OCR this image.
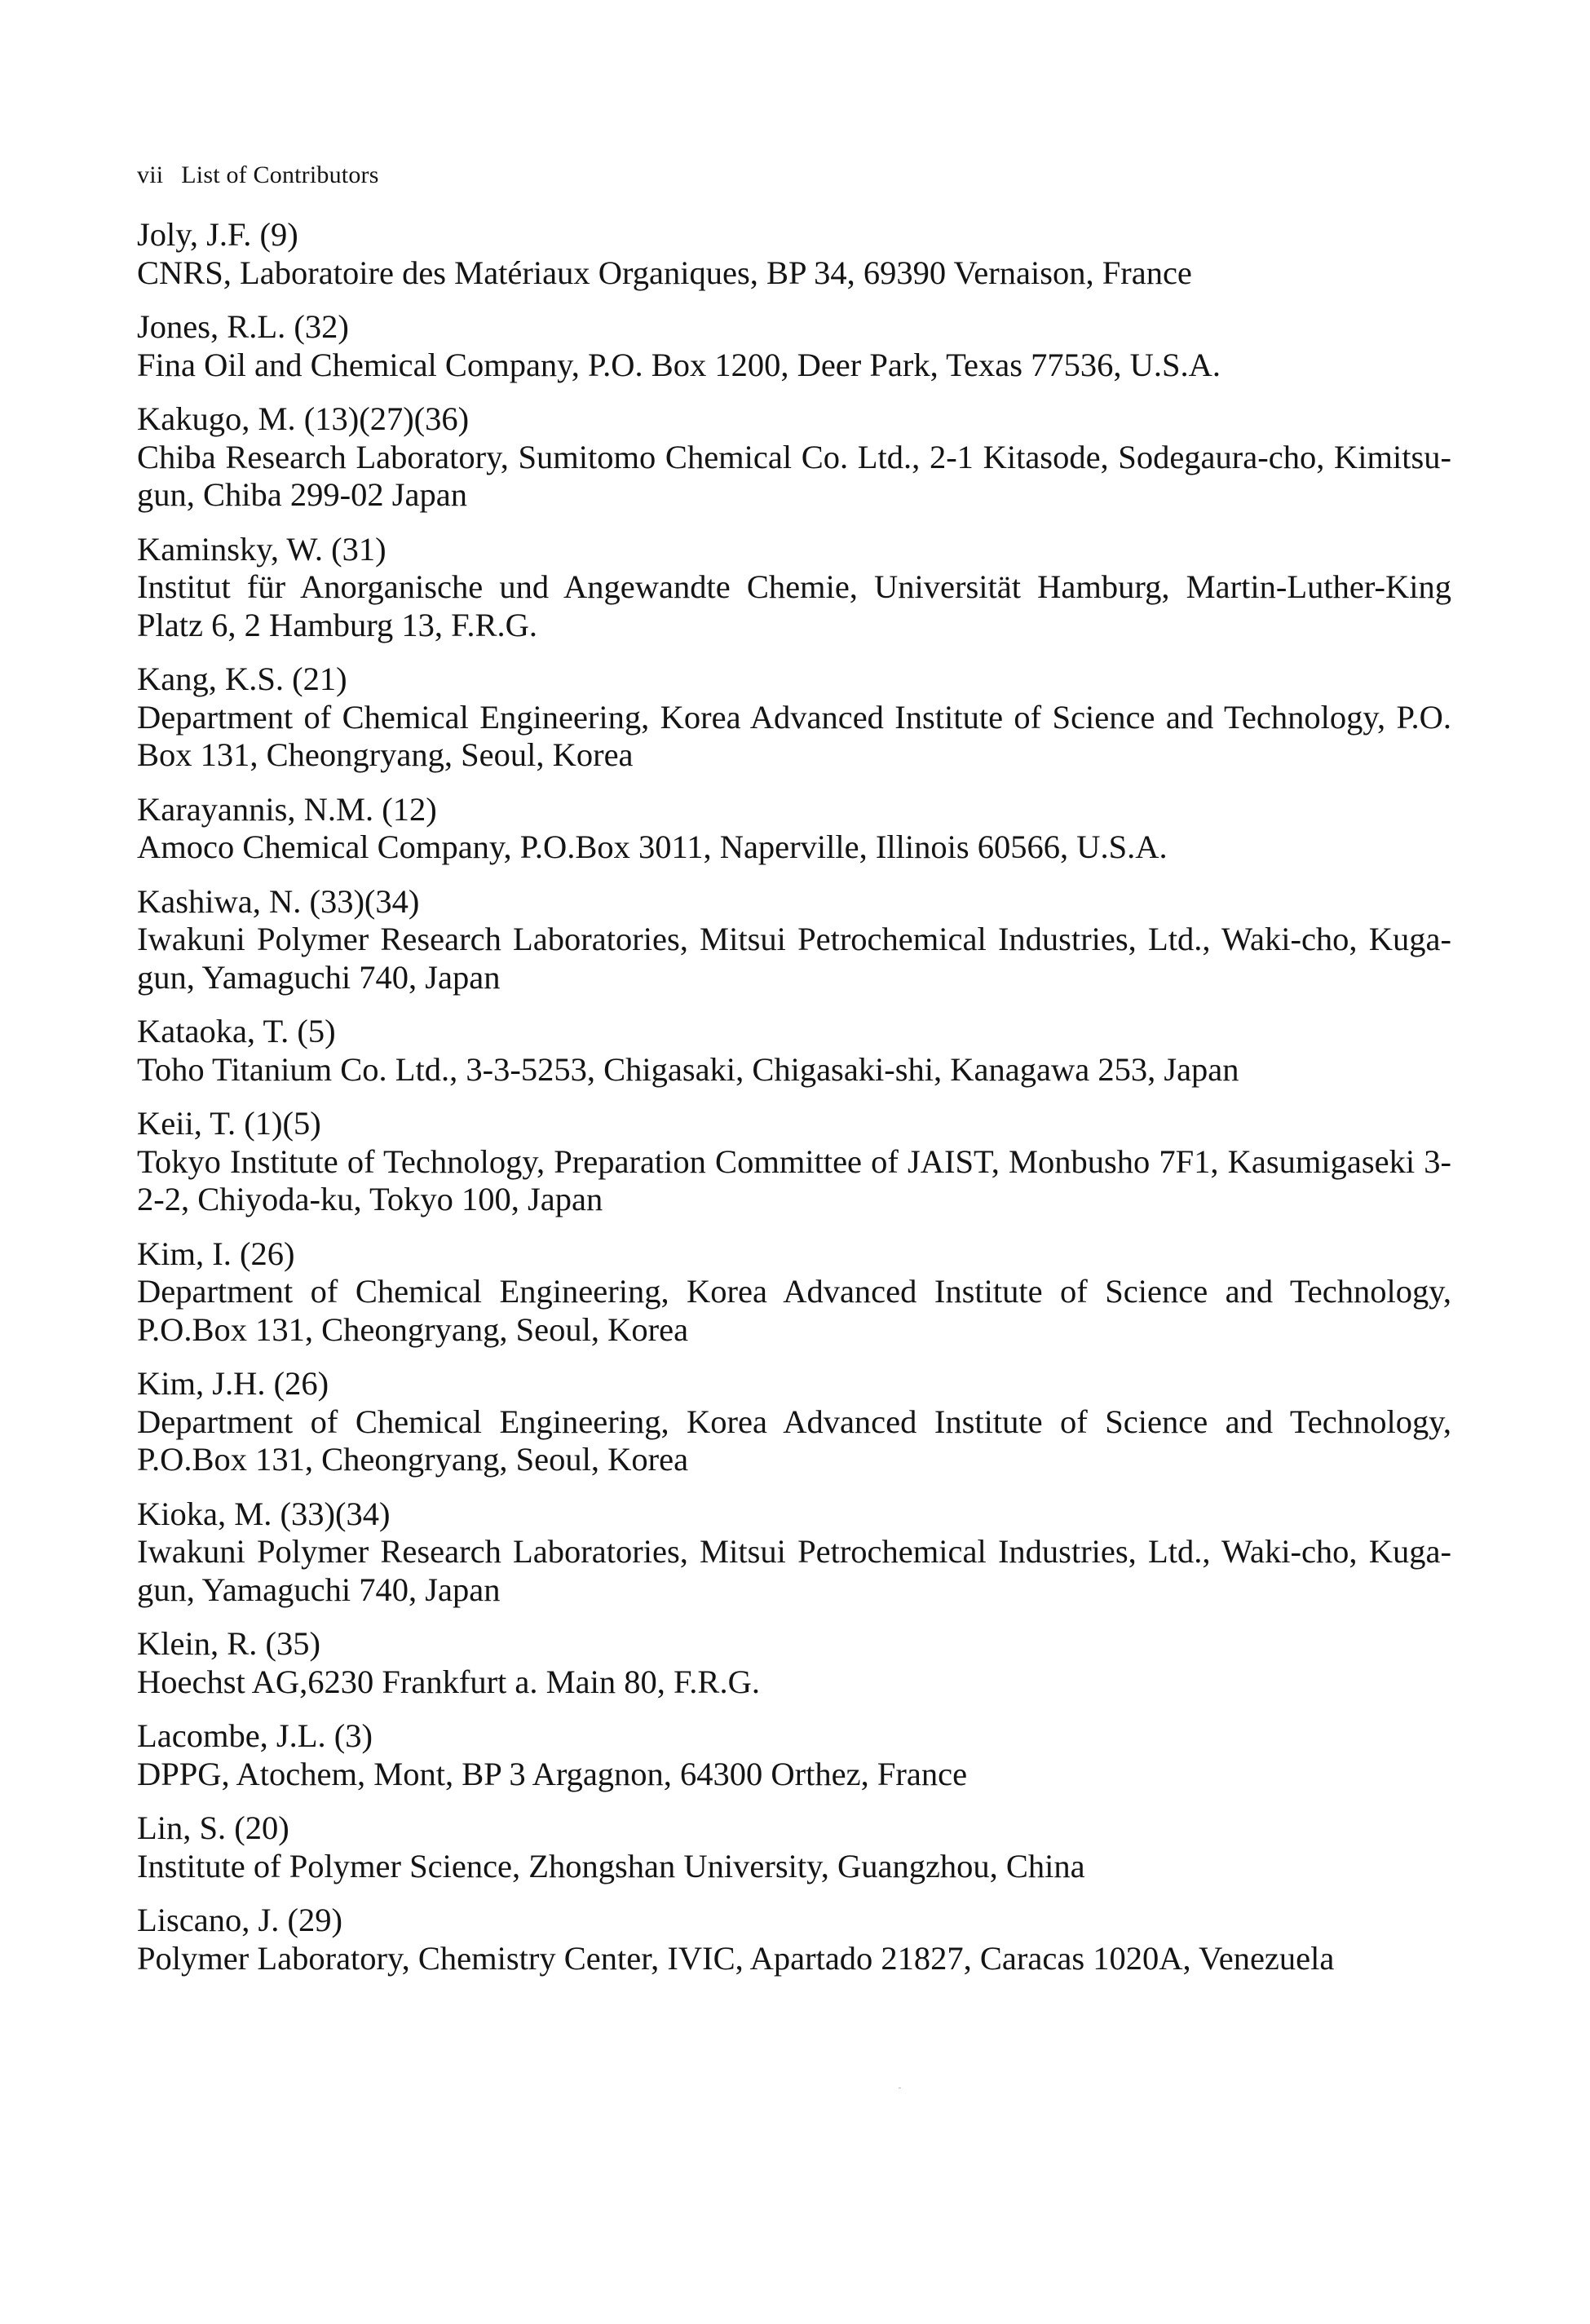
vii List of Contributors
Joly, J.F. (9)
CNRS, Laboratoire des Matériaux Organiques, BP 34, 69390 Vernaison, France
Jones, R.L. (32)
Fina Oil and Chemical Company, P.O. Box 1200, Deer Park, Texas 77536, U.S.A.
Kakugo, M. (13)(27)(36)
Chiba Research Laboratory, Sumitomo Chemical Co. Ltd., 2-1 Kitasode, Sodegaura-cho, Kimitsu-gun, Chiba 299-02 Japan
Kaminsky, W. (31)
Institut für Anorganische und Angewandte Chemie, Universität Hamburg, Martin-Luther-King Platz 6, 2 Hamburg 13, F.R.G.
Kang, K.S. (21)
Department of Chemical Engineering, Korea Advanced Institute of Science and Technology, P.O. Box 131, Cheongryang, Seoul, Korea
Karayannis, N.M. (12)
Amoco Chemical Company, P.O.Box 3011, Naperville, Illinois 60566, U.S.A.
Kashiwa, N. (33)(34)
Iwakuni Polymer Research Laboratories, Mitsui Petrochemical Industries, Ltd., Waki-cho, Kuga-gun, Yamaguchi 740, Japan
Kataoka, T. (5)
Toho Titanium Co. Ltd., 3-3-5253, Chigasaki, Chigasaki-shi, Kanagawa 253, Japan
Keii, T. (1)(5)
Tokyo Institute of Technology, Preparation Committee of JAIST, Monbusho 7F1, Kasumigaseki 3-2-2, Chiyoda-ku, Tokyo 100, Japan
Kim, I. (26)
Department of Chemical Engineering, Korea Advanced Institute of Science and Technology, P.O.Box 131, Cheongryang, Seoul, Korea
Kim, J.H. (26)
Department of Chemical Engineering, Korea Advanced Institute of Science and Technology, P.O.Box 131, Cheongryang, Seoul, Korea
Kioka, M. (33)(34)
Iwakuni Polymer Research Laboratories, Mitsui Petrochemical Industries, Ltd., Waki-cho, Kuga-gun, Yamaguchi 740, Japan
Klein, R. (35)
Hoechst AG,6230 Frankfurt a. Main 80, F.R.G.
Lacombe, J.L. (3)
DPPG, Atochem, Mont, BP 3 Argagnon, 64300 Orthez, France
Lin, S. (20)
Institute of Polymer Science, Zhongshan University, Guangzhou, China
Liscano, J. (29)
Polymer Laboratory, Chemistry Center, IVIC, Apartado 21827, Caracas 1020A, Venezuela
